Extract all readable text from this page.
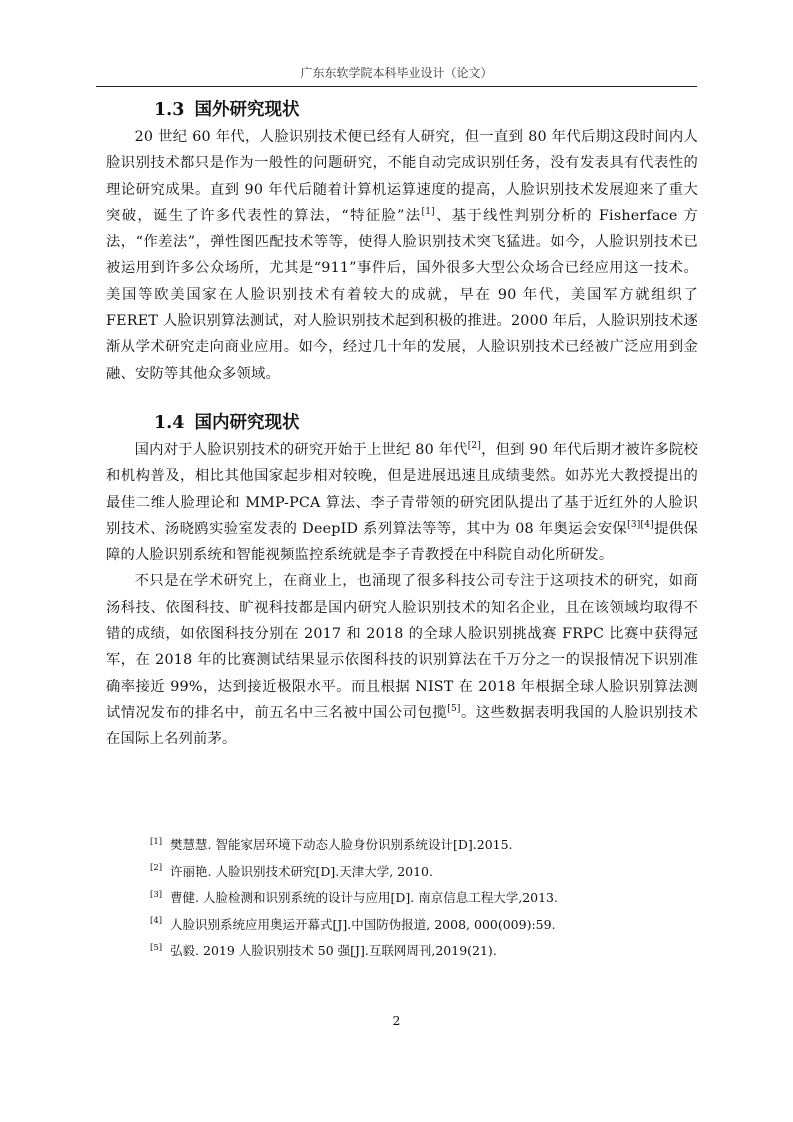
广东东软学院本科毕业设计（论文）
1.3 国外研究现状

20 世纪 60 年代，人脸识别技术便已经有人研究，但一直到 80 年代后期这段时间内人脸识别技术都只是作为一般性的问题研究，不能自动完成识别任务，没有发表具有代表性的理论研究成果。直到 90 年代后随着计算机运算速度的提高，人脸识别技术发展迎来了重大突破，诞生了许多代表性的算法，“特征脸”法[1]、基于线性判别分析的 Fisherface 方法，“作差法”，弹性图匹配技术等等，使得人脸识别技术突飞猛进。如今，人脸识别技术已被运用到许多公众场所，尤其是“911”事件后，国外很多大型公众场合已经应用这一技术。美国等欧美国家在人脸识别技术有着较大的成就，早在 90 年代，美国军方就组织了 FERET 人脸识别算法测试，对人脸识别技术起到积极的推进。2000 年后，人脸识别技术逐渐从学术研究走向商业应用。如今，经过几十年的发展，人脸识别技术已经被广泛应用到金融、安防等其他众多领域。

1.4 国内研究现状

国内对于人脸识别技术的研究开始于上世纪 80 年代[2]，但到 90 年代后期才被许多院校和机构普及，相比其他国家起步相对较晚，但是进展迅速且成绩斐然。如苏光大教授提出的最佳二维人脸理论和 MMP-PCA 算法、李子青带领的研究团队提出了基于近红外的人脸识别技术、汤晓鸥实验室发表的 DeepID 系列算法等等，其中为 08 年奥运会安保[3][4]提供保障的人脸识别系统和智能视频监控系统就是李子青教授在中科院自动化所研发。

不只是在学术研究上，在商业上，也涌现了很多科技公司专注于这项技术的研究，如商汤科技、依图科技、旷视科技都是国内研究人脸识别技术的知名企业，且在该领域均取得不错的成绩，如依图科技分别在 2017 和 2018 的全球人脸识别挑战赛 FRPC 比赛中获得冠军，在 2018 年的比赛测试结果显示依图科技的识别算法在千万分之一的误报情况下识别准确率接近 99%，达到接近极限水平。而且根据 NIST 在 2018 年根据全球人脸识别算法测试情况发布的排名中，前五名中三名被中国公司包揽[5]。这些数据表明我国的人脸识别技术在国际上名列前茅。

[1] 樊慧慧. 智能家居环境下动态人脸身份识别系统设计[D].2015.
[2] 许丽艳. 人脸识别技术研究[D].天津大学, 2010.
[3] 曹健. 人脸检测和识别系统的设计与应用[D]. 南京信息工程大学,2013.
[4] 人脸识别系统应用奥运开幕式[J].中国防伪报道, 2008, 000(009):59.
[5] 弘毅. 2019 人脸识别技术 50 强[J].互联网周刊,2019(21).
2
